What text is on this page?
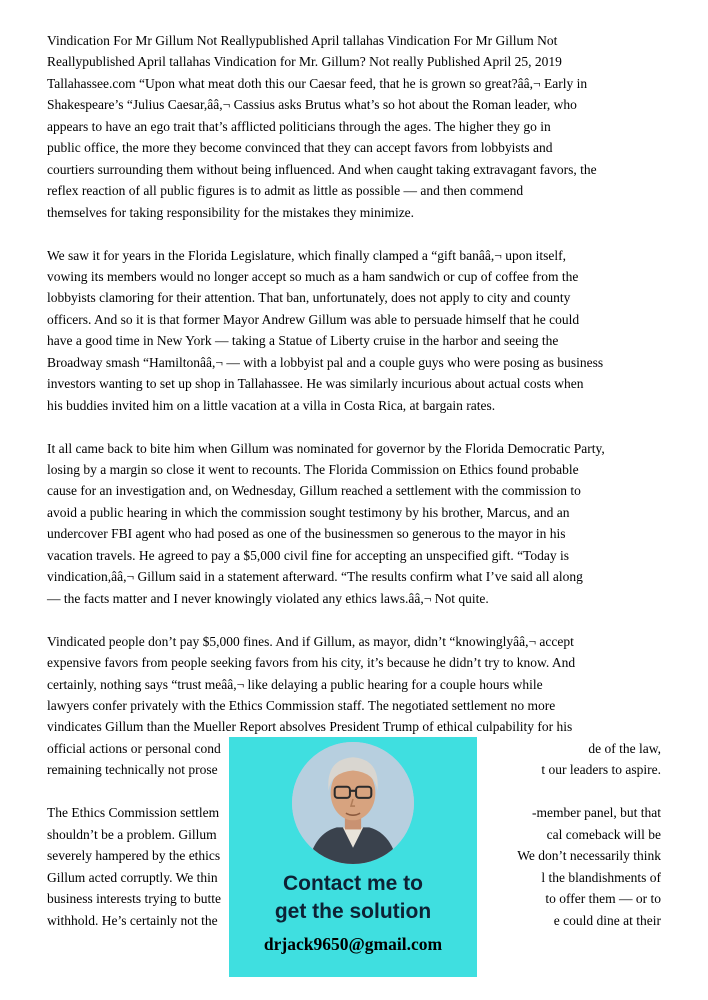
Vindication For Mr Gillum Not Reallypublished April tallahas Vindication For Mr Gillum Not
Reallypublished April tallahas Vindication for Mr. Gillum? Not really Published April 25, 2019
Tallahassee.com “Upon what meat doth this our Caesar feed, that he is grown so great?ââ,¬ Early in
Shakespeare’s “Julius Caesar,ââ,¬ Cassius asks Brutus what’s so hot about the Roman leader, who
appears to have an ego trait that’s afflicted politicians through the ages. The higher they go in
public office, the more they become convinced that they can accept favors from lobbyists and
courtiers surrounding them without being influenced. And when caught taking extravagant favors, the
reflex reaction of all public figures is to admit as little as possible — and then commend
themselves for taking responsibility for the mistakes they minimize.
We saw it for years in the Florida Legislature, which finally clamped a “gift banââ,¬ upon itself,
vowing its members would no longer accept so much as a ham sandwich or cup of coffee from the
lobbyists clamoring for their attention. That ban, unfortunately, does not apply to city and county
officers. And so it is that former Mayor Andrew Gillum was able to persuade himself that he could
have a good time in New York — taking a Statue of Liberty cruise in the harbor and seeing the
Broadway smash “Hamiltonââ,¬ — with a lobbyist pal and a couple guys who were posing as business
investors wanting to set up shop in Tallahassee. He was similarly incurious about actual costs when
his buddies invited him on a little vacation at a villa in Costa Rica, at bargain rates.
It all came back to bite him when Gillum was nominated for governor by the Florida Democratic Party,
losing by a margin so close it went to recounts. The Florida Commission on Ethics found probable
cause for an investigation and, on Wednesday, Gillum reached a settlement with the commission to
avoid a public hearing in which the commission sought testimony by his brother, Marcus, and an
undercover FBI agent who had posed as one of the businessmen so generous to the mayor in his
vacation travels. He agreed to pay a $5,000 civil fine for accepting an unspecified gift. “Today is
vindication,ââ,¬ Gillum said in a statement afterward. “The results confirm what I’ve said all along
— the facts matter and I never knowingly violated any ethics laws.ââ,¬ Not quite.
Vindicated people don’t pay $5,000 fines. And if Gillum, as mayor, didn’t “knowinglyââ,¬ accept
expensive favors from people seeking favors from his city, it’s because he didn’t try to know. And
certainly, nothing says “trust meââ,¬ like delaying a public hearing for a couple hours while
lawyers confer privately with the Ethics Commission staff. The negotiated settlement no more
vindicates Gillum than the Mueller Report absolves President Trump of ethical culpability for his
official actions or personal cond	de of the law,
remaining technically not prose	t our leaders to aspire.
The Ethics Commission settlem	-member panel, but that
shouldn’t be a problem. Gillum	cal comeback will be
severely hampered by the ethics	We don’t necessarily think
Gillum acted corruptly. We thin	l the blandishments of
business interests trying to butte	to offer them — or to
withhold. He’s certainly not the	e could dine at their
Contact me to
get the solution
drjack9650@gmail.com
